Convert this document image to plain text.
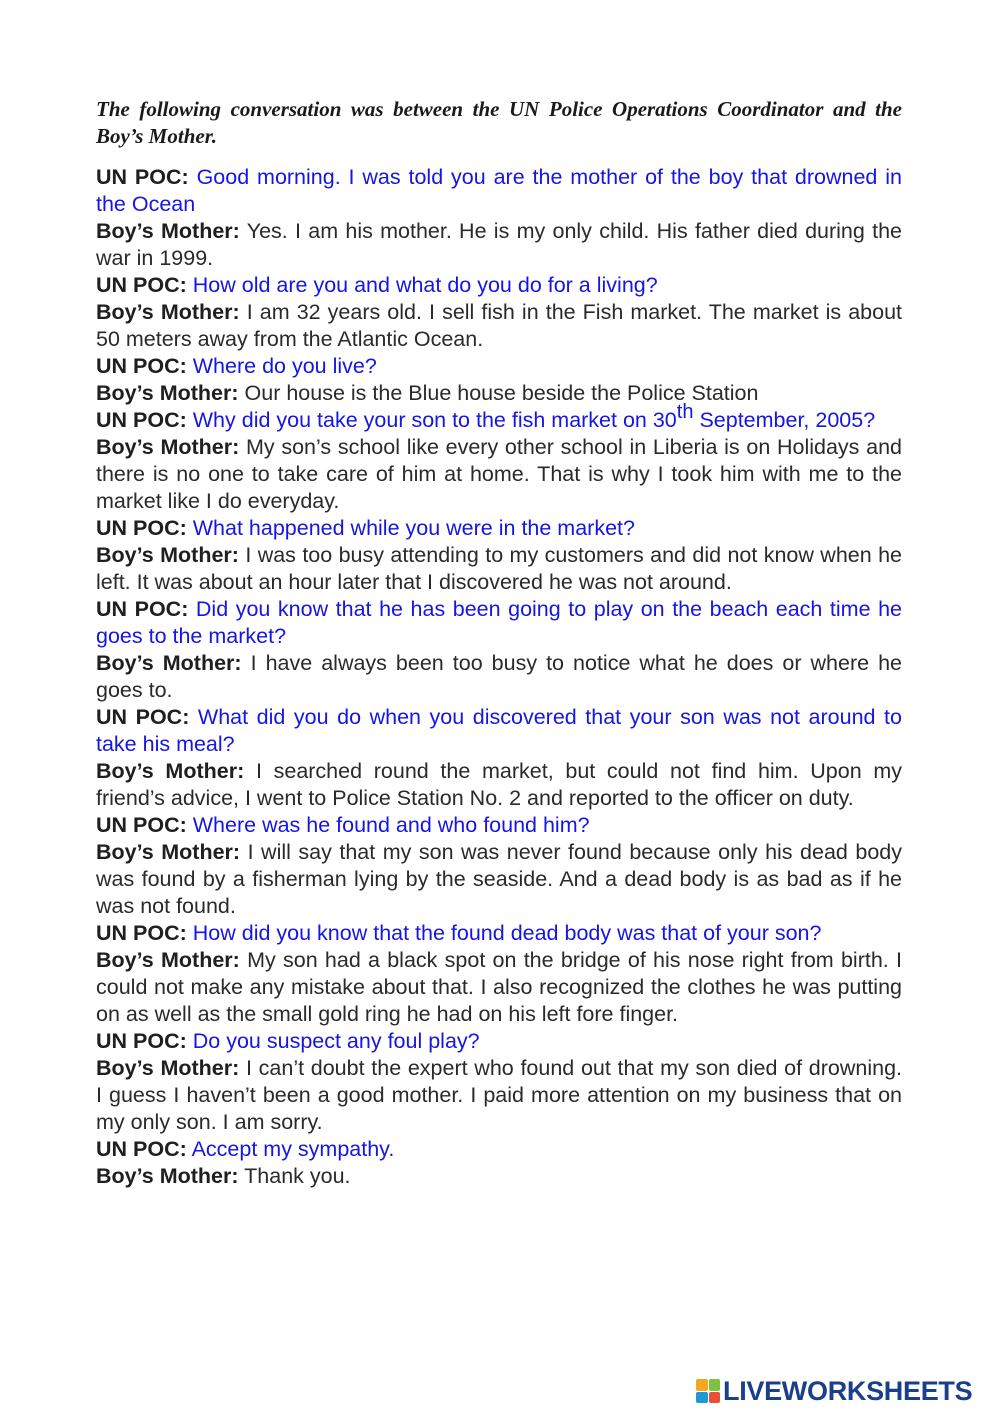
The following conversation was between the UN Police Operations Coordinator and the Boy’s Mother.

UN POC: Good morning. I was told you are the mother of the boy that drowned in the Ocean

Boy’s Mother: Yes. I am his mother. He is my only child. His father died during the war in 1999.

UN POC: How old are you and what do you do for a living?

Boy’s Mother: I am 32 years old. I sell fish in the Fish market. The market is about 50 meters away from the Atlantic Ocean.

UN POC: Where do you live?

Boy’s Mother: Our house is the Blue house beside the Police Station

UN POC: Why did you take your son to the fish market on 30th September, 2005?

Boy’s Mother: My son’s school like every other school in Liberia is on Holidays and there is no one to take care of him at home. That is why I took him with me to the market like I do everyday.

UN POC: What happened while you were in the market?

Boy’s Mother: I was too busy attending to my customers and did not know when he left. It was about an hour later that I discovered he was not around.

UN POC: Did you know that he has been going to play on the beach each time he goes to the market?

Boy’s Mother: I have always been too busy to notice what he does or where he goes to.

UN POC: What did you do when you discovered that your son was not around to take his meal?

Boy’s Mother: I searched round the market, but could not find him. Upon my friend’s advice, I went to Police Station No. 2 and reported to the officer on duty.

UN POC: Where was he found and who found him?

Boy’s Mother: I will say that my son was never found because only his dead body was found by a fisherman lying by the seaside. And a dead body is as bad as if he was not found.

UN POC: How did you know that the found dead body was that of your son?

Boy’s Mother: My son had a black spot on the bridge of his nose right from birth. I could not make any mistake about that. I also recognized the clothes he was putting on as well as the small gold ring he had on his left fore finger.

UN POC: Do you suspect any foul play?

Boy’s Mother: I can’t doubt the expert who found out that my son died of drowning. I guess I haven’t been a good mother. I paid more attention on my business that on my only son. I am sorry.

UN POC: Accept my sympathy.

Boy’s Mother: Thank you.

LIVEWORKSHEETS
